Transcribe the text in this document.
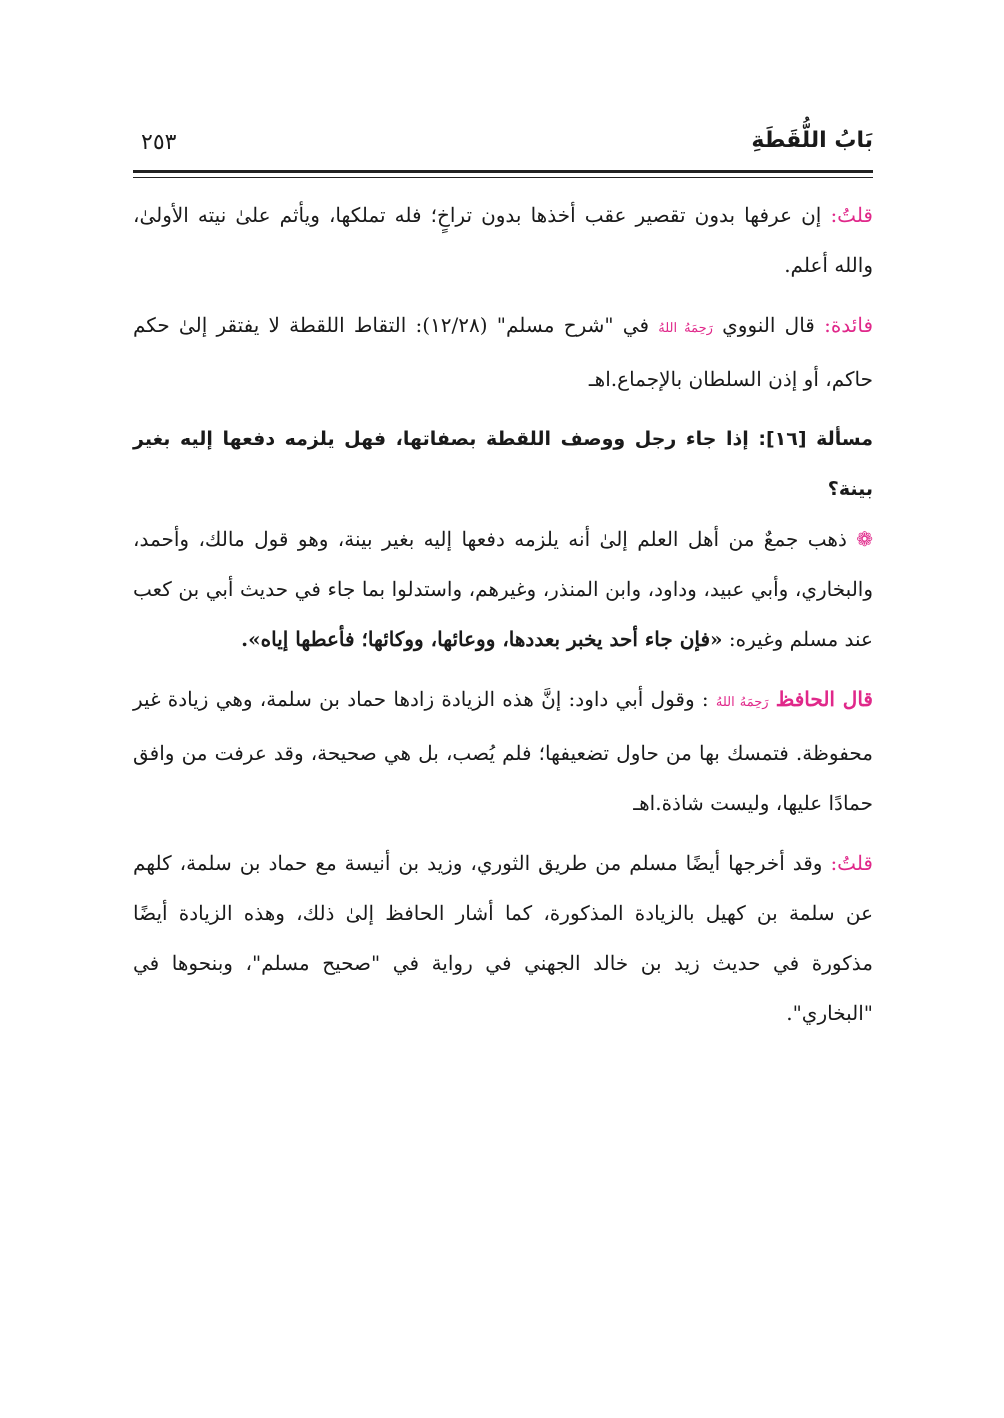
بَابُ اللُّقَطَةِ
٢٥٣

قلتُ: إن عرفها بدون تقصير عقب أخذها بدون تراخٍ؛ فله تملكها، ويأثم علىٰ نيته الأولىٰ، والله أعلم.

فائدة: قال النووي رَحِمَهُ اللهُ في "شرح مسلم" (١٢/٢٨): التقاط اللقطة لا يفتقر إلىٰ حكم حاكم، أو إذن السلطان بالإجماع.اهـ

مسألة [١٦]: إذا جاء رجل ووصف اللقطة بصفاتها، فهل يلزمه دفعها إليه بغير بينة؟

❁ ذهب جمعٌ من أهل العلم إلىٰ أنه يلزمه دفعها إليه بغير بينة، وهو قول مالك، وأحمد، والبخاري، وأبي عبيد، وداود، وابن المنذر، وغيرهم، واستدلوا بما جاء في حديث أبي بن كعب عند مسلم وغيره: «فإن جاء أحد يخبر بعددها، ووعائها، ووكائها؛ فأعطها إياه».

قال الحافظ رَحِمَهُ اللهُ : وقول أبي داود: إنَّ هذه الزيادة زادها حماد بن سلمة، وهي زيادة غير محفوظة. فتمسك بها من حاول تضعيفها؛ فلم يُصب، بل هي صحيحة، وقد عرفت من وافق حمادًا عليها، وليست شاذة.اهـ

قلتُ: وقد أخرجها أيضًا مسلم من طريق الثوري، وزيد بن أنيسة مع حماد بن سلمة، كلهم عن سلمة بن كهيل بالزيادة المذكورة، كما أشار الحافظ إلىٰ ذلك، وهذه الزيادة أيضًا مذكورة في حديث زيد بن خالد الجهني في رواية في "صحيح مسلم"، وبنحوها في "البخاري".
